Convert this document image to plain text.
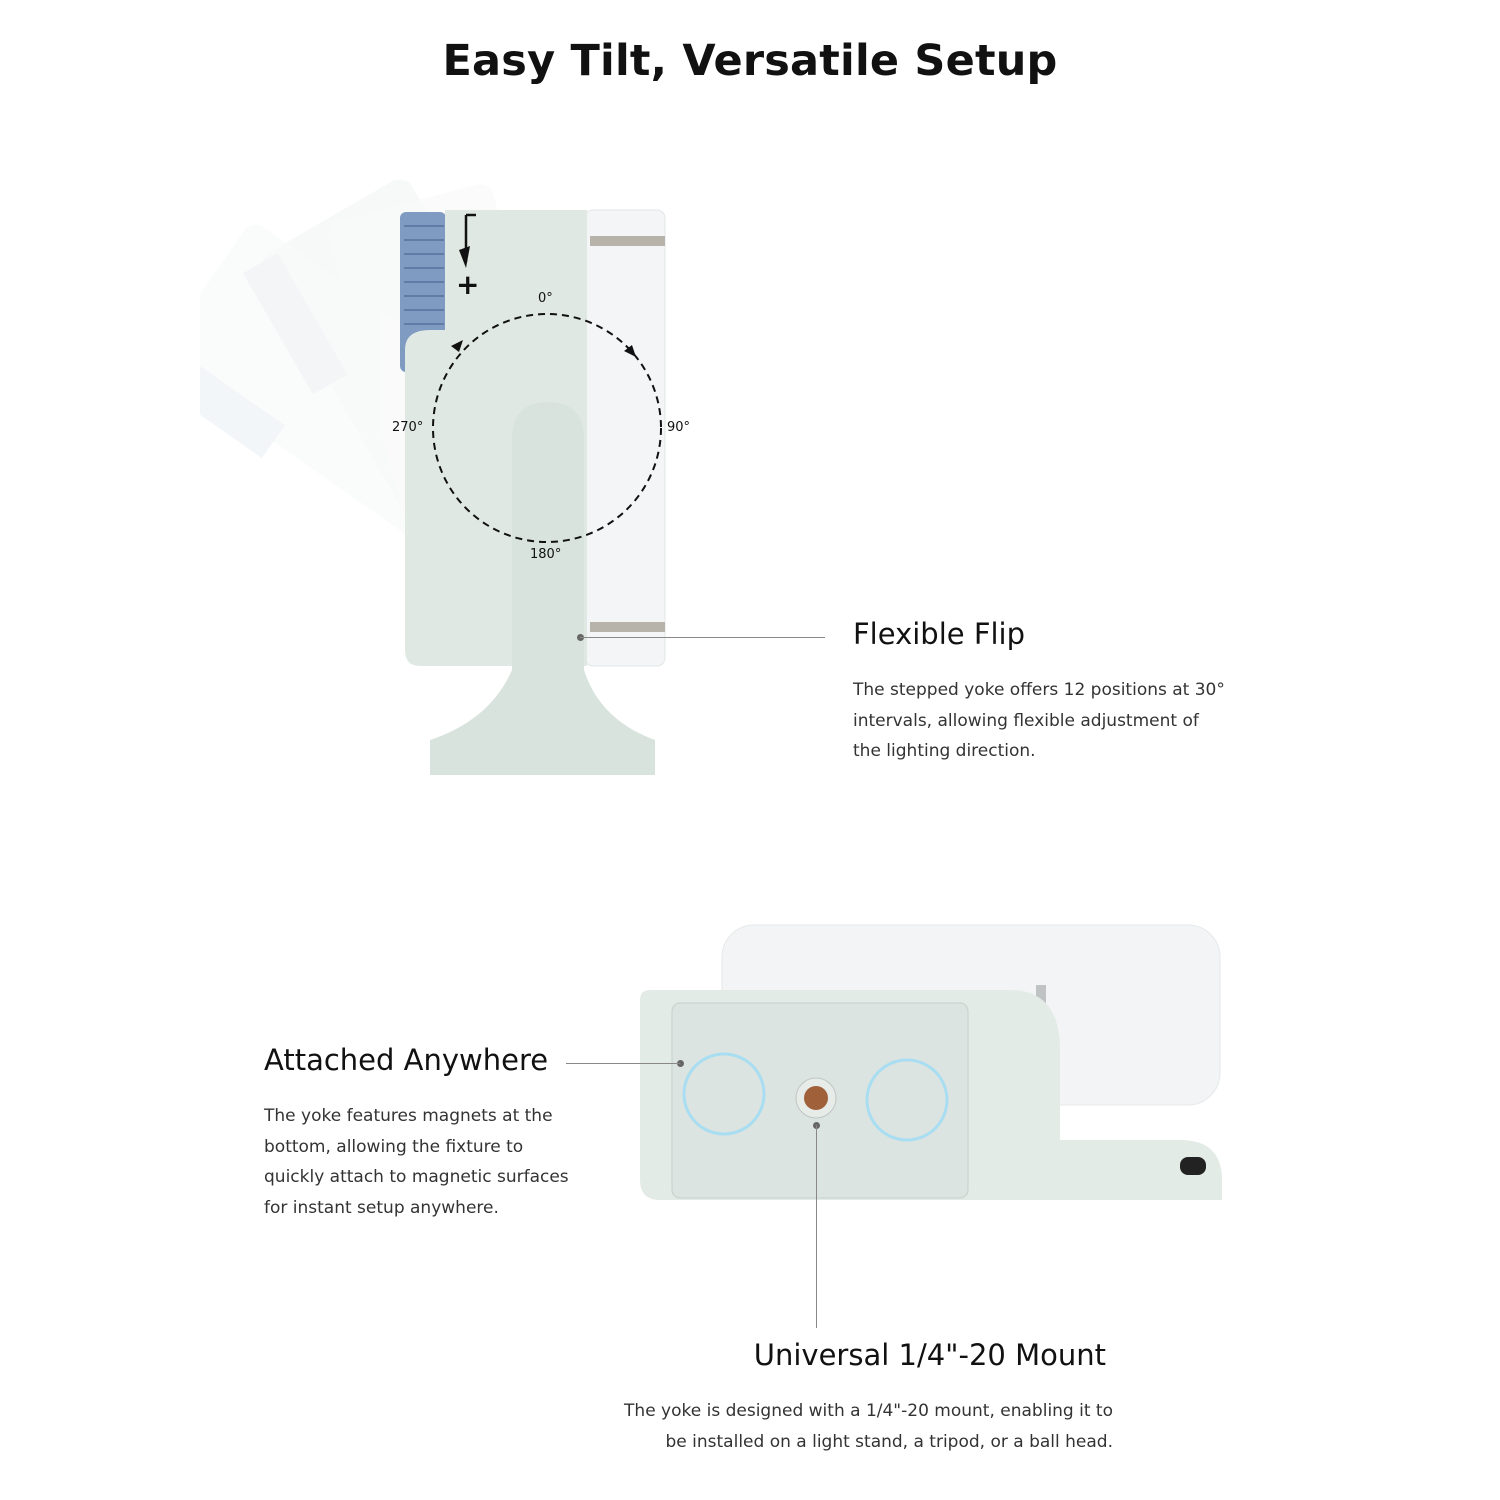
Easy Tilt, Versatile Setup
+	0°
90°
180°
270°
Flexible Flip

The stepped yoke offers 12 positions at 30°

intervals, allowing flexible adjustment of

the lighting direction.

Attached Anywhere

The yoke features magnets at the

bottom, allowing the fixture to

quickly attach to magnetic surfaces

for instant setup anywhere.

Universal 1/4"-20 Mount

The yoke is designed with a 1/4"-20 mount, enabling it to

be installed on a light stand, a tripod, or a ball head.
